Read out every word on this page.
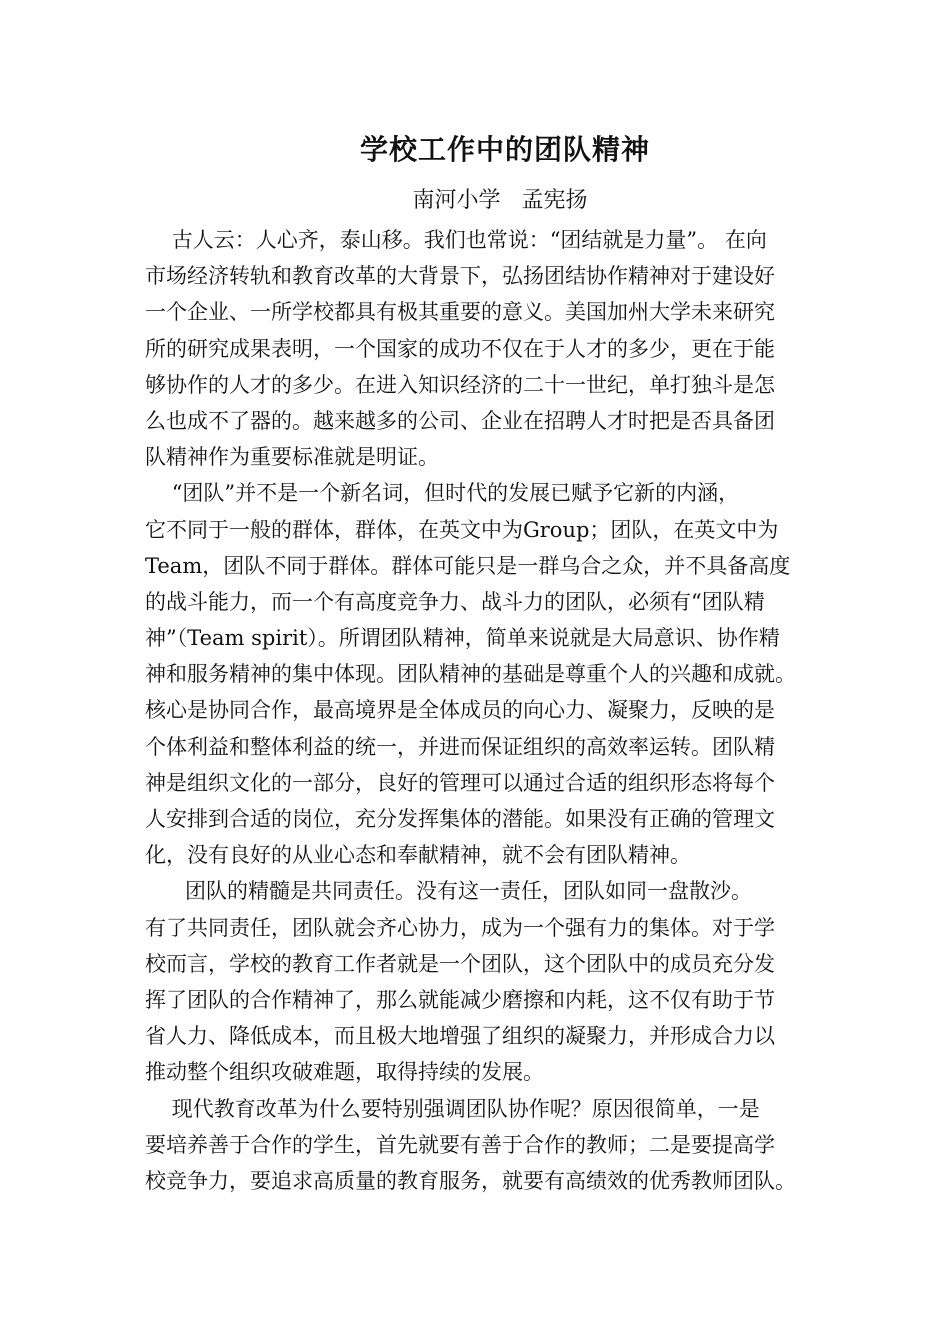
学校工作中的团队精神
南河小学   孟宪扬
古人云：人心齐，泰山移。我们也常说：“团结就是力量”。 在向
市场经济转轨和教育改革的大背景下，弘扬团结协作精神对于建设好
一个企业、一所学校都具有极其重要的意义。美国加州大学未来研究
所的研究成果表明，一个国家的成功不仅在于人才的多少，更在于能
够协作的人才的多少。在进入知识经济的二十一世纪，单打独斗是怎
么也成不了器的。越来越多的公司、企业在招聘人才时把是否具备团
队精神作为重要标准就是明证。
“团队”并不是一个新名词，但时代的发展已赋予它新的内涵，
它不同于一般的群体，群体，在英文中为Group；团队，在英文中为
Team，团队不同于群体。群体可能只是一群乌合之众，并不具备高度
的战斗能力，而一个有高度竞争力、战斗力的团队，必须有“团队精
神”（Team spirit）。所谓团队精神，简单来说就是大局意识、协作精
神和服务精神的集中体现。团队精神的基础是尊重个人的兴趣和成就。
核心是协同合作，最高境界是全体成员的向心力、凝聚力，反映的是
个体利益和整体利益的统一，并进而保证组织的高效率运转。团队精
神是组织文化的一部分，良好的管理可以通过合适的组织形态将每个
人安排到合适的岗位，充分发挥集体的潜能。如果没有正确的管理文
化，没有良好的从业心态和奉献精神，就不会有团队精神。
团队的精髓是共同责任。没有这一责任，团队如同一盘散沙。
有了共同责任，团队就会齐心协力，成为一个强有力的集体。对于学
校而言，学校的教育工作者就是一个团队，这个团队中的成员充分发
挥了团队的合作精神了，那么就能减少磨擦和内耗，这不仅有助于节
省人力、降低成本，而且极大地增强了组织的凝聚力，并形成合力以
推动整个组织攻破难题，取得持续的发展。
现代教育改革为什么要特别强调团队协作呢？原因很简单，一是
要培养善于合作的学生，首先就要有善于合作的教师；二是要提高学
校竞争力，要追求高质量的教育服务，就要有高绩效的优秀教师团队。
